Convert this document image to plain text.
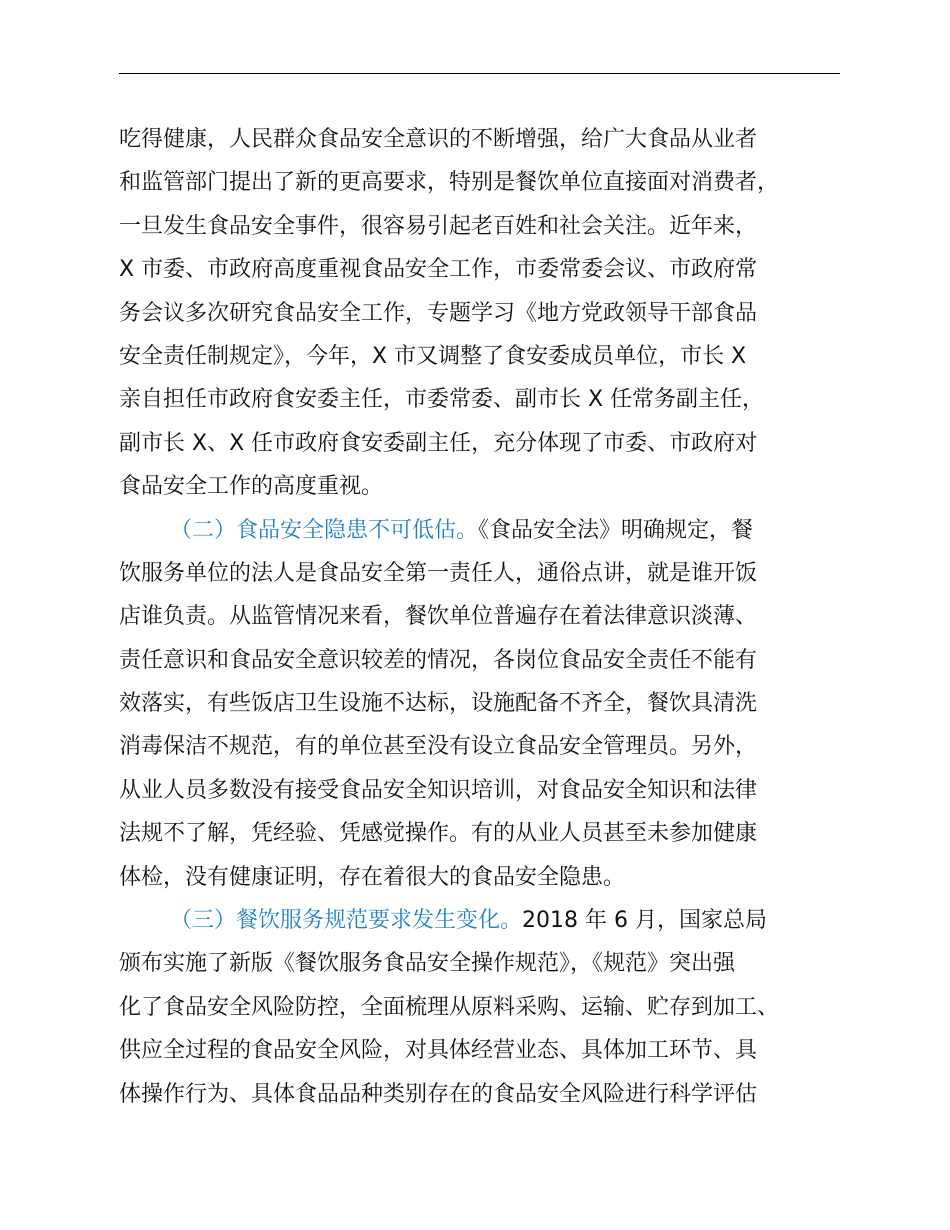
吃得健康，人民群众食品安全意识的不断增强，给广大食品从业者
和监管部门提出了新的更高要求，特别是餐饮单位直接面对消费者，
一旦发生食品安全事件，很容易引起老百姓和社会关注。近年来，
X 市委、市政府高度重视食品安全工作，市委常委会议、市政府常
务会议多次研究食品安全工作，专题学习《地方党政领导干部食品
安全责任制规定》，今年，X 市又调整了食安委成员单位，市长 X
亲自担任市政府食安委主任，市委常委、副市长 X 任常务副主任，
副市长 X、X 任市政府食安委副主任，充分体现了市委、市政府对
食品安全工作的高度重视。
（二）食品安全隐患不可低估。《食品安全法》明确规定，餐
饮服务单位的法人是食品安全第一责任人，通俗点讲，就是谁开饭
店谁负责。从监管情况来看，餐饮单位普遍存在着法律意识淡薄、
责任意识和食品安全意识较差的情况，各岗位食品安全责任不能有
效落实，有些饭店卫生设施不达标，设施配备不齐全，餐饮具清洗
消毒保洁不规范，有的单位甚至没有设立食品安全管理员。另外，
从业人员多数没有接受食品安全知识培训，对食品安全知识和法律
法规不了解，凭经验、凭感觉操作。有的从业人员甚至未参加健康
体检，没有健康证明，存在着很大的食品安全隐患。
（三）餐饮服务规范要求发生变化。2018 年 6 月，国家总局
颁布实施了新版《餐饮服务食品安全操作规范》，《规范》突出强
化了食品安全风险防控，全面梳理从原料采购、运输、贮存到加工、
供应全过程的食品安全风险，对具体经营业态、具体加工环节、具
体操作行为、具体食品品种类别存在的食品安全风险进行科学评估
